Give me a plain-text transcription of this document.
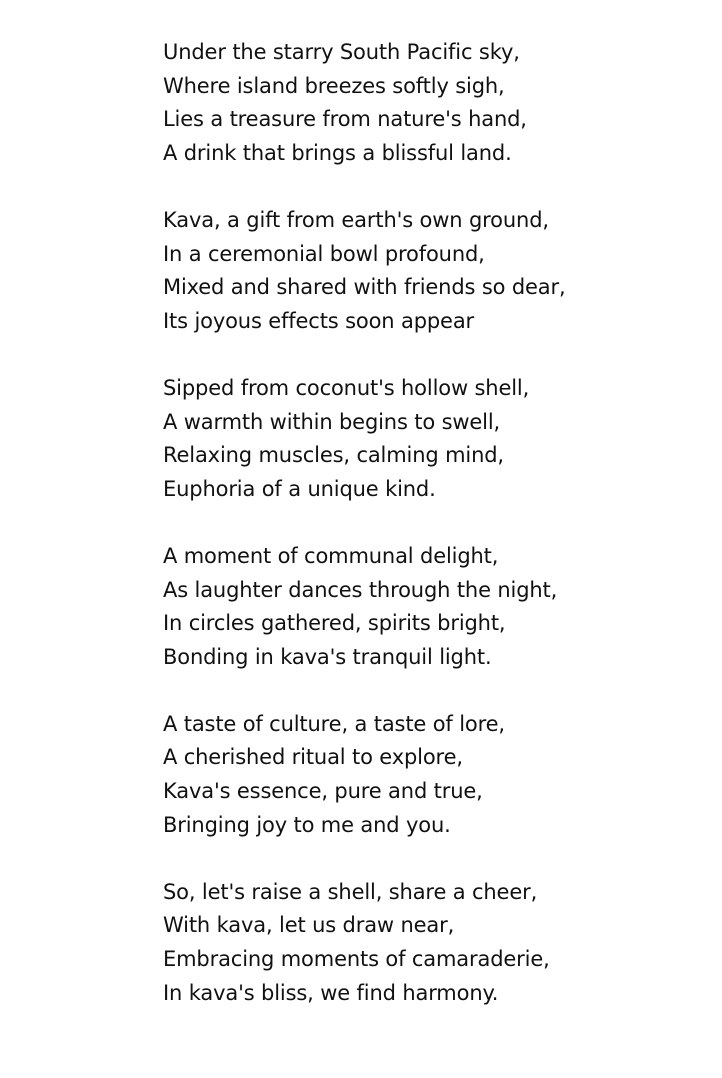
Under the starry South Pacific sky,
Where island breezes softly sigh,
Lies a treasure from nature's hand,
A drink that brings a blissful land.
Kava, a gift from earth's own ground,
In a ceremonial bowl profound,
Mixed and shared with friends so dear,
Its joyous effects soon appear
Sipped from coconut's hollow shell,
A warmth within begins to swell,
Relaxing muscles, calming mind,
Euphoria of a unique kind.
A moment of communal delight,
As laughter dances through the night,
In circles gathered, spirits bright,
Bonding in kava's tranquil light.
A taste of culture, a taste of lore,
A cherished ritual to explore,
Kava's essence, pure and true,
Bringing joy to me and you.
So, let's raise a shell, share a cheer,
With kava, let us draw near,
Embracing moments of camaraderie,
In kava's bliss, we find harmony.
